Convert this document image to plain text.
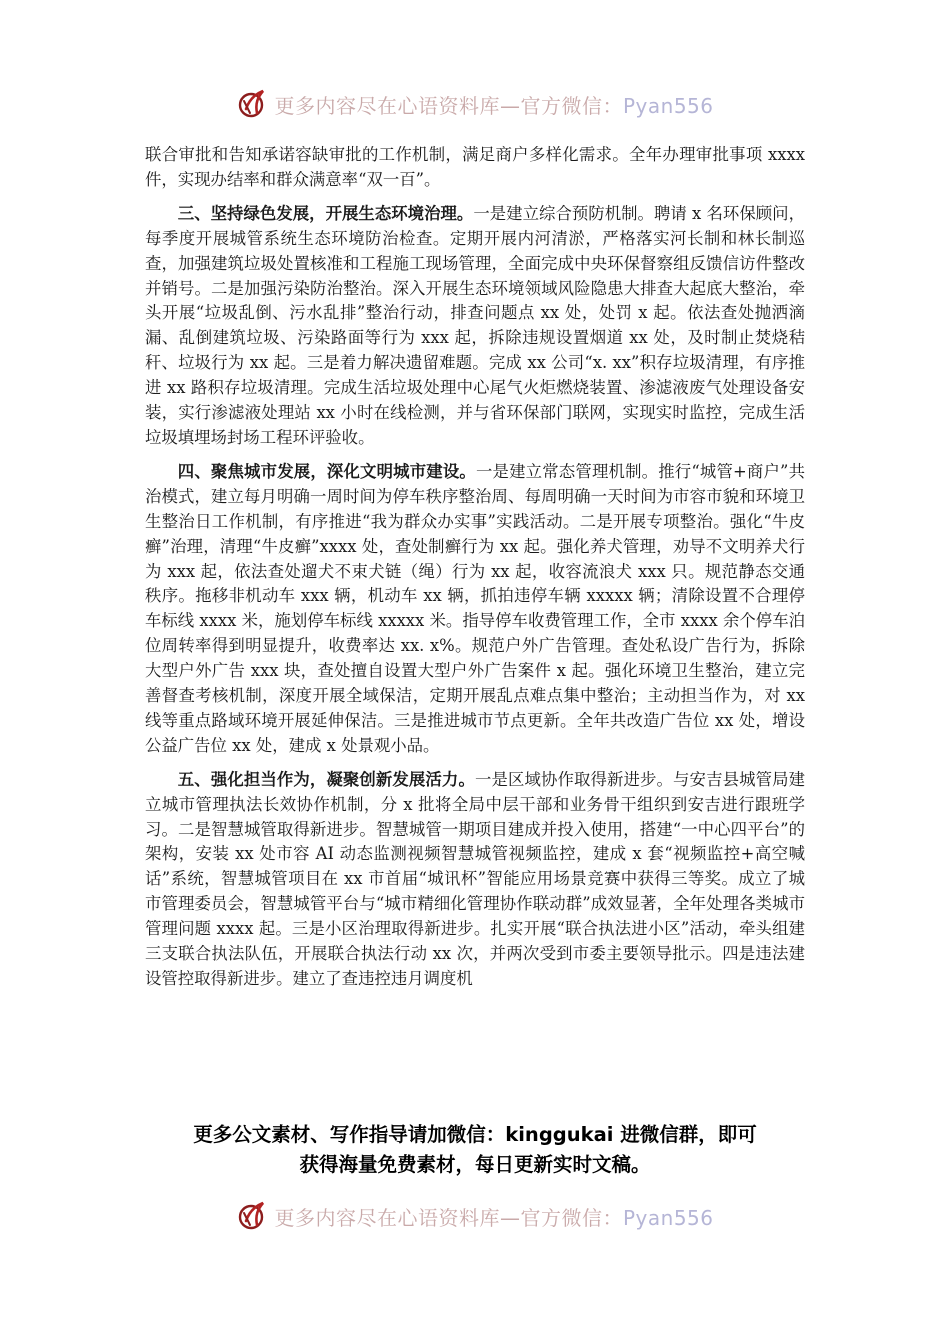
更多内容尽在心语资料库—官方微信：Pyan556

联合审批和告知承诺容缺审批的工作机制，满足商户多样化需求。全年办理审批事项 xxxx 件，实现办结率和群众满意率“双一百”。

三、坚持绿色发展，开展生态环境治理。一是建立综合预防机制。聘请 x 名环保顾问，每季度开展城管系统生态环境防治检查。定期开展内河清淤，严格落实河长制和林长制巡查，加强建筑垃圾处置核准和工程施工现场管理，全面完成中央环保督察组反馈信访件整改并销号。二是加强污染防治整治。深入开展生态环境领域风险隐患大排查大起底大整治，牵头开展“垃圾乱倒、污水乱排”整治行动，排查问题点 xx 处，处罚 x 起。依法查处抛洒滴漏、乱倒建筑垃圾、污染路面等行为 xxx 起，拆除违规设置烟道 xx 处，及时制止焚烧秸秆、垃圾行为 xx 起。三是着力解决遗留难题。完成 xx 公司“x. xx”积存垃圾清理，有序推进 xx 路积存垃圾清理。完成生活垃圾处理中心尾气火炬燃烧装置、渗滤液废气处理设备安装，实行渗滤液处理站 xx 小时在线检测，并与省环保部门联网，实现实时监控，完成生活垃圾填埋场封场工程环评验收。

四、聚焦城市发展，深化文明城市建设。一是建立常态管理机制。推行“城管+商户”共治模式，建立每月明确一周时间为停车秩序整治周、每周明确一天时间为市容市貌和环境卫生整治日工作机制，有序推进“我为群众办实事”实践活动。二是开展专项整治。强化“牛皮癣”治理，清理“牛皮癣”xxxx 处，查处制癣行为 xx 起。强化养犬管理，劝导不文明养犬行为 xxx 起，依法查处遛犬不束犬链（绳）行为 xx 起，收容流浪犬 xxx 只。规范静态交通秩序。拖移非机动车 xxx 辆，机动车 xx 辆，抓拍违停车辆 xxxxx 辆；清除设置不合理停车标线 xxxx 米，施划停车标线 xxxxx 米。指导停车收费管理工作，全市 xxxx 余个停车泊位周转率得到明显提升，收费率达 xx. x%。规范户外广告管理。查处私设广告行为，拆除大型户外广告 xxx 块，查处擅自设置大型户外广告案件 x 起。强化环境卫生整治，建立完善督查考核机制，深度开展全域保洁，定期开展乱点难点集中整治；主动担当作为，对 xx 线等重点路域环境开展延伸保洁。三是推进城市节点更新。全年共改造广告位 xx 处，增设公益广告位 xx 处，建成 x 处景观小品。

五、强化担当作为，凝聚创新发展活力。一是区域协作取得新进步。与安吉县城管局建立城市管理执法长效协作机制，分 x 批将全局中层干部和业务骨干组织到安吉进行跟班学习。二是智慧城管取得新进步。智慧城管一期项目建成并投入使用，搭建“一中心四平台”的架构，安装 xx 处市容 AI 动态监测视频智慧城管视频监控，建成 x 套“视频监控+高空喊话”系统，智慧城管项目在 xx 市首届“城讯杯”智能应用场景竞赛中获得三等奖。成立了城市管理委员会，智慧城管平台与“城市精细化管理协作联动群”成效显著，全年处理各类城市管理问题 xxxx 起。三是小区治理取得新进步。扎实开展“联合执法进小区”活动，牵头组建三支联合执法队伍，开展联合执法行动 xx 次，并两次受到市委主要领导批示。四是违法建设管控取得新进步。建立了查违控违月调度机

更多公文素材、写作指导请加微信：kinggukai 进微信群，即可
获得海量免费素材，每日更新实时文稿。
更多内容尽在心语资料库—官方微信：Pyan556
